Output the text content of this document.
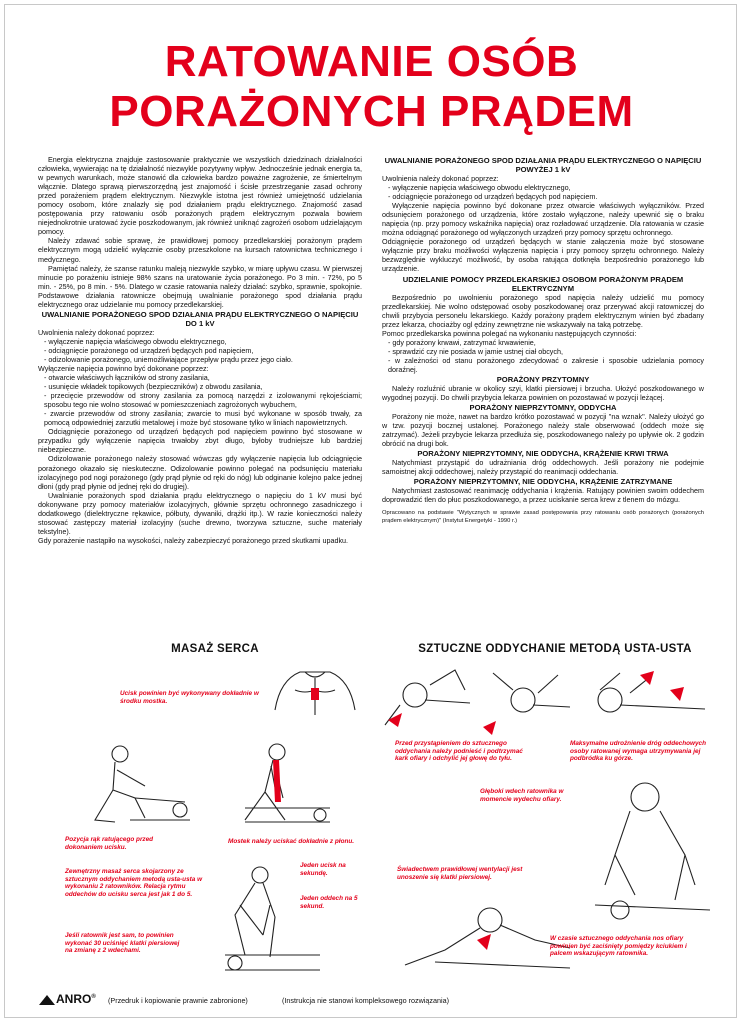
RATOWANIE OSÓB
PORAŻONYCH PRĄDEM

Energia elektryczna znajduje zastosowanie praktycznie we wszystkich dziedzinach działalności człowieka, wywierając na tę działalność niezwykle pozytywny wpływ. Jednocześnie jednak energia ta, w pewnych warunkach, może stanowić dla człowieka bardzo poważne zagrożenie, ze śmiertelnym włącznie. Dlatego sprawą pierwszorzędną jest znajomość i ścisłe przestrzeganie zasad ochrony przed porażeniem prądem elektrycznym. Niezwykle istotna jest również umiejętność udzielania pomocy osobom, które znalazły się pod działaniem prądu elektrycznego. Znajomość zasad postępowania przy ratowaniu osób porażonych prądem elektrycznym pozwala bowiem niejednokrotnie uratować życie poszkodowanym, jak również uniknąć zagrożeń osobom udzielającym pomocy.

Należy zdawać sobie sprawę, że prawidłowej pomocy przedlekarskiej porażonym prądem elektrycznym mogą udzielić wyłącznie osoby przeszkolone na kursach ratownictwa technicznego i medycznego.

Pamiętać należy, że szanse ratunku maleją niezwykle szybko, w miarę upływu czasu. W pierwszej minucie po porażeniu istnieje 98% szans na uratowanie życia porażonego. Po 3 min. - 72%, po 5 min. - 25%, po 8 min. - 5%. Dlatego w czasie ratowania należy działać: szybko, sprawnie, spokojnie. Podstawowe działania ratownicze obejmują uwalnianie porażonego spod działania prądu elektrycznego oraz udzielanie mu pomocy przedlekarskiej.

UWALNIANIE PORAŻONEGO SPOD DZIAŁANIA PRĄDU ELEKTRYCZNEGO O NAPIĘCIU DO 1 kV

Uwolnienia należy dokonać poprzez:

- wyłączenie napięcia właściwego obwodu elektrycznego,

- odciągnięcie porażonego od urządzeń będących pod napięciem,

- odizolowanie porażonego, uniemożliwiające przepływ prądu przez jego ciało.

Wyłączenie napięcia powinno być dokonane poprzez:

- otwarcie właściwych łączników od strony zasilania,

- usunięcie wkładek topikowych (bezpieczników) z obwodu zasilania,

- przecięcie przewodów od strony zasilania za pomocą narzędzi z izolowanymi rękojeściami; sposobu tego nie wolno stosować w pomieszczeniach zagrożonych wybuchem,

- zwarcie przewodów od strony zasilania; zwarcie to musi być wykonane w sposób trwały, za pomocą odpowiedniej zarzutki metalowej i może być stosowane tylko w liniach napowietrznych.

Odciągnięcie porażonego od urządzeń będących pod napięciem powinno być stosowane w przypadku gdy wyłączenie napięcia trwałoby zbyt długo, byłoby trudniejsze lub bardziej niebezpieczne.

Odizolowanie porażonego należy stosować wówczas gdy wyłączenie napięcia lub odciągnięcie porażonego okazało się nieskuteczne. Odizolowanie powinno polegać na podsunięciu materiału izolacyjnego pod nogi porażonego (gdy prąd płynie od ręki do nóg) lub odginanie kolejno palce jednej dłoni (gdy prąd płynie od jednej ręki do drugiej).

Uwalnianie porażonych spod działania prądu elektrycznego o napięciu do 1 kV musi być dokonywane przy pomocy materiałów izolacyjnych, głównie sprzętu ochronnego zasadniczego i dodatkowego (dielektryczne rękawice, półbuty, dywaniki, drążki itp.). W razie konieczności należy stosować zastępczy materiał izolacyjny (suche drewno, tworzywa sztuczne, suche materiały tekstylne).

Gdy porażenie nastąpiło na wysokości, należy zabezpieczyć porażonego przed skutkami upadku.

UWALNIANIE PORAŻONEGO SPOD DZIAŁANIA PRĄDU ELEKTRYCZNEGO O NAPIĘCIU POWYŻEJ 1 kV

Uwolnienia należy dokonać poprzez:

- wyłączenie napięcia właściwego obwodu elektrycznego,

- odciągnięcie porażonego od urządzeń będących pod napięciem.

Wyłączenie napięcia powinno być dokonane przez otwarcie właściwych wyłączników. Przed odsunięciem porażonego od urządzenia, które zostało wyłączone, należy upewnić się o braku napięcia (np. przy pomocy wskaźnika napięcia) oraz rozładować urządzenie. Dla ratowania w czasie można odciągnąć porażonego od wyłączonych urządzeń przy pomocy sprzętu ochronnego.

Odciągnięcie porażonego od urządzeń będących w stanie załączenia może być stosowane wyłącznie przy braku możliwości wyłączenia napięcia i przy pomocy sprzętu ochronnego. Należy bezwzględnie wykluczyć możliwość, by osoba ratująca dotknęła bezpośrednio porażonego lub urządzenie.

UDZIELANIE POMOCY PRZEDLEKARSKIEJ OSOBOM PORAŻONYM PRĄDEM ELEKTRYCZNYM

Bezpośrednio po uwolnieniu porażonego spod napięcia należy udzielić mu pomocy przedlekarskiej. Nie wolno odstępować osoby poszkodowanej oraz przerywać akcji ratowniczej do chwili przybycia personelu lekarskiego. Każdy porażony prądem elektrycznym winien być zbadany przez lekarza, chociażby ogl ędziny zewnętrzne nie wskazywały na taką potrzebę.

Pomoc przedlekarska powinna polegać na wykonaniu następujących czynności:

- gdy porażony krwawi, zatrzymać krwawienie,

- sprawdzić czy nie posiada w jamie ustnej ciał obcych,

- w zależności od stanu porażonego zdecydować o zakresie i sposobie udzielania pomocy doraźnej.

PORAŻONY PRZYTOMNY

Należy rozluźnić ubranie w okolicy szyi, klatki piersiowej i brzucha. Ułożyć poszkodowanego w wygodnej pozycji. Do chwili przybycia lekarza powinien on pozostawać w pozycji leżącej.

PORAŻONY NIEPRZYTOMNY, ODDYCHA

Porażony nie może, nawet na bardzo krótko pozostawać w pozycji "na wznak". Należy ułożyć go w tzw. pozycji bocznej ustalonej. Porażonego należy stale obserwować (oddech może się zatrzymać). Jeżeli przybycie lekarza przedłuża się, poszkodowanego należy po upływie ok. 2 godzin obrócić na drugi bok.

PORAŻONY NIEPRZYTOMNY, NIE ODDYCHA, KRĄŻENIE KRWI TRWA

Natychmiast przystąpić do udrażniania dróg oddechowych. Jeśli porażony nie podejmie samoistnej akcji oddechowej, należy przystąpić do reanimacji oddechania.

PORAŻONY NIEPRZYTOMNY, NIE ODDYCHA, KRĄŻENIE ZATRZYMANE

Natychmiast zastosować reanimację oddychania i krążenia. Ratujący powinien swoim oddechem doprowadzić tlen do płuc poszkodowanego, a przez uciskanie serca krew z tlenem do mózgu.

Opracowano na podstawie "Wytycznych w sprawie zasad postępowania przy ratowaniu osób porażonych (porażonych prądem elektrycznym)" (Instytut Energetyki - 1990 r.)

MASAŻ SERCA	SZTUCZNE ODDYCHANIE METODĄ USTA-USTA
Ucisk powinien być wykonywany dokładnie w środku mostka.
Pozycja rąk ratującego przed dokonaniem ucisku.
Mostek należy uciskać dokładnie z płonu.
Jeden ucisk na sekundę.
Zewnętrzny masaż serca skojarzony ze sztucznym oddychaniem metodą usta-usta w wykonaniu 2 ratowników. Relacja rytmu oddechów do ucisku serca jest jak 1 do 5.
Jeden oddech na 5 sekund.
Jeśli ratownik jest sam, to powinien wykonać 30 uciśnięć klatki piersiowej na zmianę z 2 wdechami.
Przed przystąpieniem do sztucznego oddychania należy podnieść i podtrzymać kark ofiary i odchylić jej głowę do tyłu.
Maksymalne udrożnienie dróg oddechowych osoby ratowanej wymaga utrzymywania jej podbródka ku górze.
Głęboki wdech ratownika w momencie wydechu ofiary.
Świadectwem prawidłowej wentylacji jest unoszenie się klatki piersiowej.
W czasie sztucznego oddychania nos ofiary powinien być zaciśnięty pomiędzy kciukiem i palcem wskazującym ratownika.
ANRO® (Przedruk i kopiowanie prawnie zabronione)	(Instrukcja nie stanowi kompleksowego rozwiązania)
